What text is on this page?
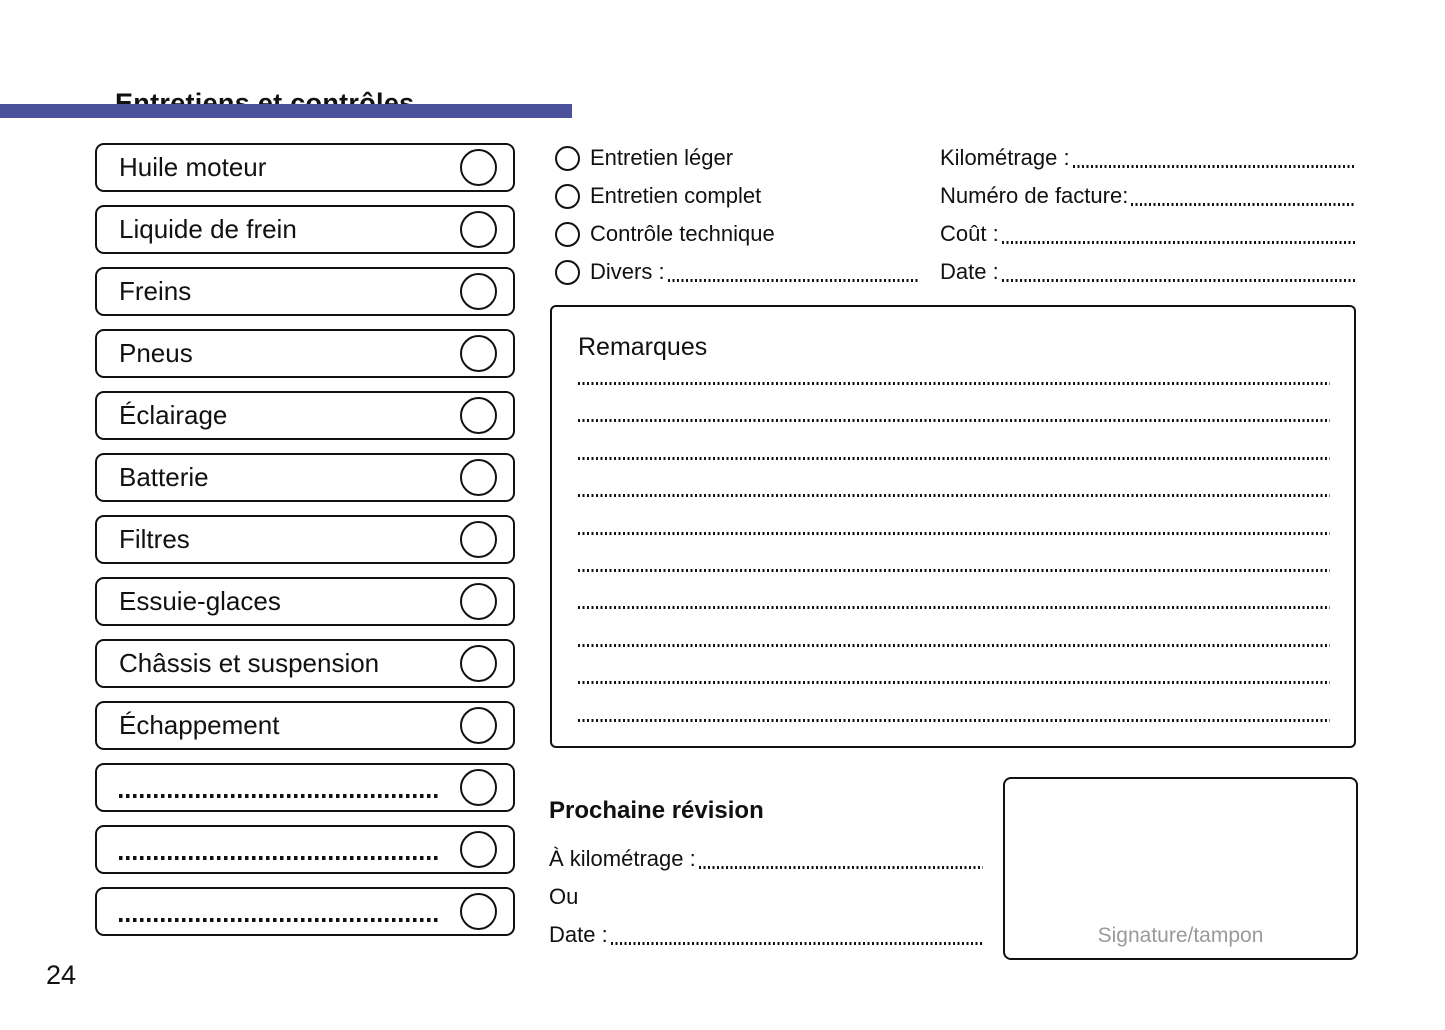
Huile moteur
Liquide de frein
Freins
Pneus
Éclairage
Batterie
Filtres
Essuie-glaces
Châssis et suspension
Échappement
Entretien léger
Entretien complet
Contrôle technique
Divers :
Kilométrage :
Numéro de facture:
Coût :
Date :
Remarques
Prochaine révision
À kilométrage :
Ou
Date :	Signature/tampon
24
